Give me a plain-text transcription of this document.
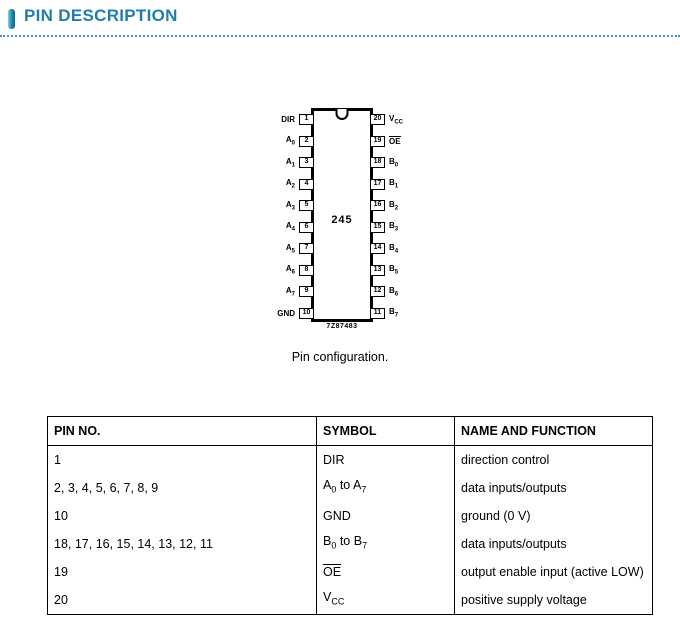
PIN DESCRIPTION
245
7Z87483
DIR	1
$A_0$
2
$A_1$
3
$A_2$
4
$A_3$
5
$A_4$
6
$A_5$
7
$A_6$
8
$A_7$
9
GND	10
20 $V_{CC}$
19 OE
18 $B_0$
17 $B_1$
16 $B_2$
15 $B_3$
14 $B_4$
13 $B_5$
12 $B_6$
11 $B_7$
Pin configuration.
PIN NO.	SYMBOL	NAME AND FUNCTION
1	DIR	direction control
2, 3, 4, 5, 6, 7, 8, 9	$A_0$ to $A_7$	data inputs/outputs
10	GND	ground (0 V)
18, 17, 16, 15, 14, 13, 12, 11	$B_0$ to $B_7$	data inputs/outputs
19	OE	output enable input (active LOW)
20	$V_{CC}$	positive supply voltage
